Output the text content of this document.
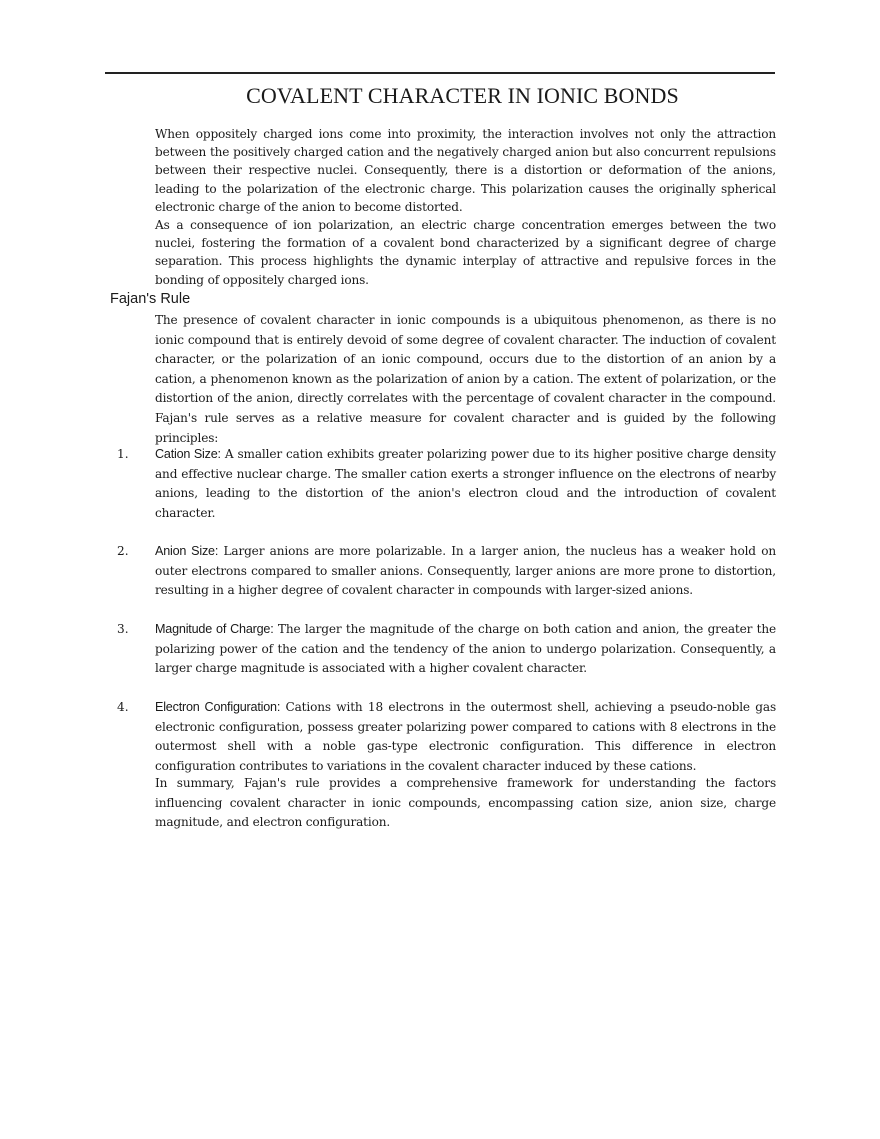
COVALENT CHARACTER IN IONIC BONDS

When oppositely charged ions come into proximity, the interaction involves not only the attraction between the positively charged cation and the negatively charged anion but also concurrent repulsions between their respective nuclei. Consequently, there is a distortion or deformation of the anions, leading to the polarization of the electronic charge. This polarization causes the originally spherical electronic charge of the anion to become distorted.

As a consequence of ion polarization, an electric charge concentration emerges between the two nuclei, fostering the formation of a covalent bond characterized by a significant degree of charge separation. This process highlights the dynamic interplay of attractive and repulsive forces in the bonding of oppositely charged ions.

Fajan's Rule
The presence of covalent character in ionic compounds is a ubiquitous phenomenon, as there is no ionic compound that is entirely devoid of some degree of covalent character. The induction of covalent character, or the polarization of an ionic compound, occurs due to the distortion of an anion by a cation, a phenomenon known as the polarization of anion by a cation. The extent of polarization, or the distortion of the anion, directly correlates with the percentage of covalent character in the compound. Fajan's rule serves as a relative measure for covalent character and is guided by the following principles:
1. Cation Size: A smaller cation exhibits greater polarizing power due to its higher positive charge density and effective nuclear charge. The smaller cation exerts a stronger influence on the electrons of nearby anions, leading to the distortion of the anion's electron cloud and the introduction of covalent character.
2. Anion Size: Larger anions are more polarizable. In a larger anion, the nucleus has a weaker hold on outer electrons compared to smaller anions. Consequently, larger anions are more prone to distortion, resulting in a higher degree of covalent character in compounds with larger-sized anions.
3. Magnitude of Charge: The larger the magnitude of the charge on both cation and anion, the greater the polarizing power of the cation and the tendency of the anion to undergo polarization. Consequently, a larger charge magnitude is associated with a higher covalent character.
4. Electron Configuration: Cations with 18 electrons in the outermost shell, achieving a pseudo-noble gas electronic configuration, possess greater polarizing power compared to cations with 8 electrons in the outermost shell with a noble gas-type electronic configuration. This difference in electron configuration contributes to variations in the covalent character induced by these cations.
In summary, Fajan's rule provides a comprehensive framework for understanding the factors influencing covalent character in ionic compounds, encompassing cation size, anion size, charge magnitude, and electron configuration.
